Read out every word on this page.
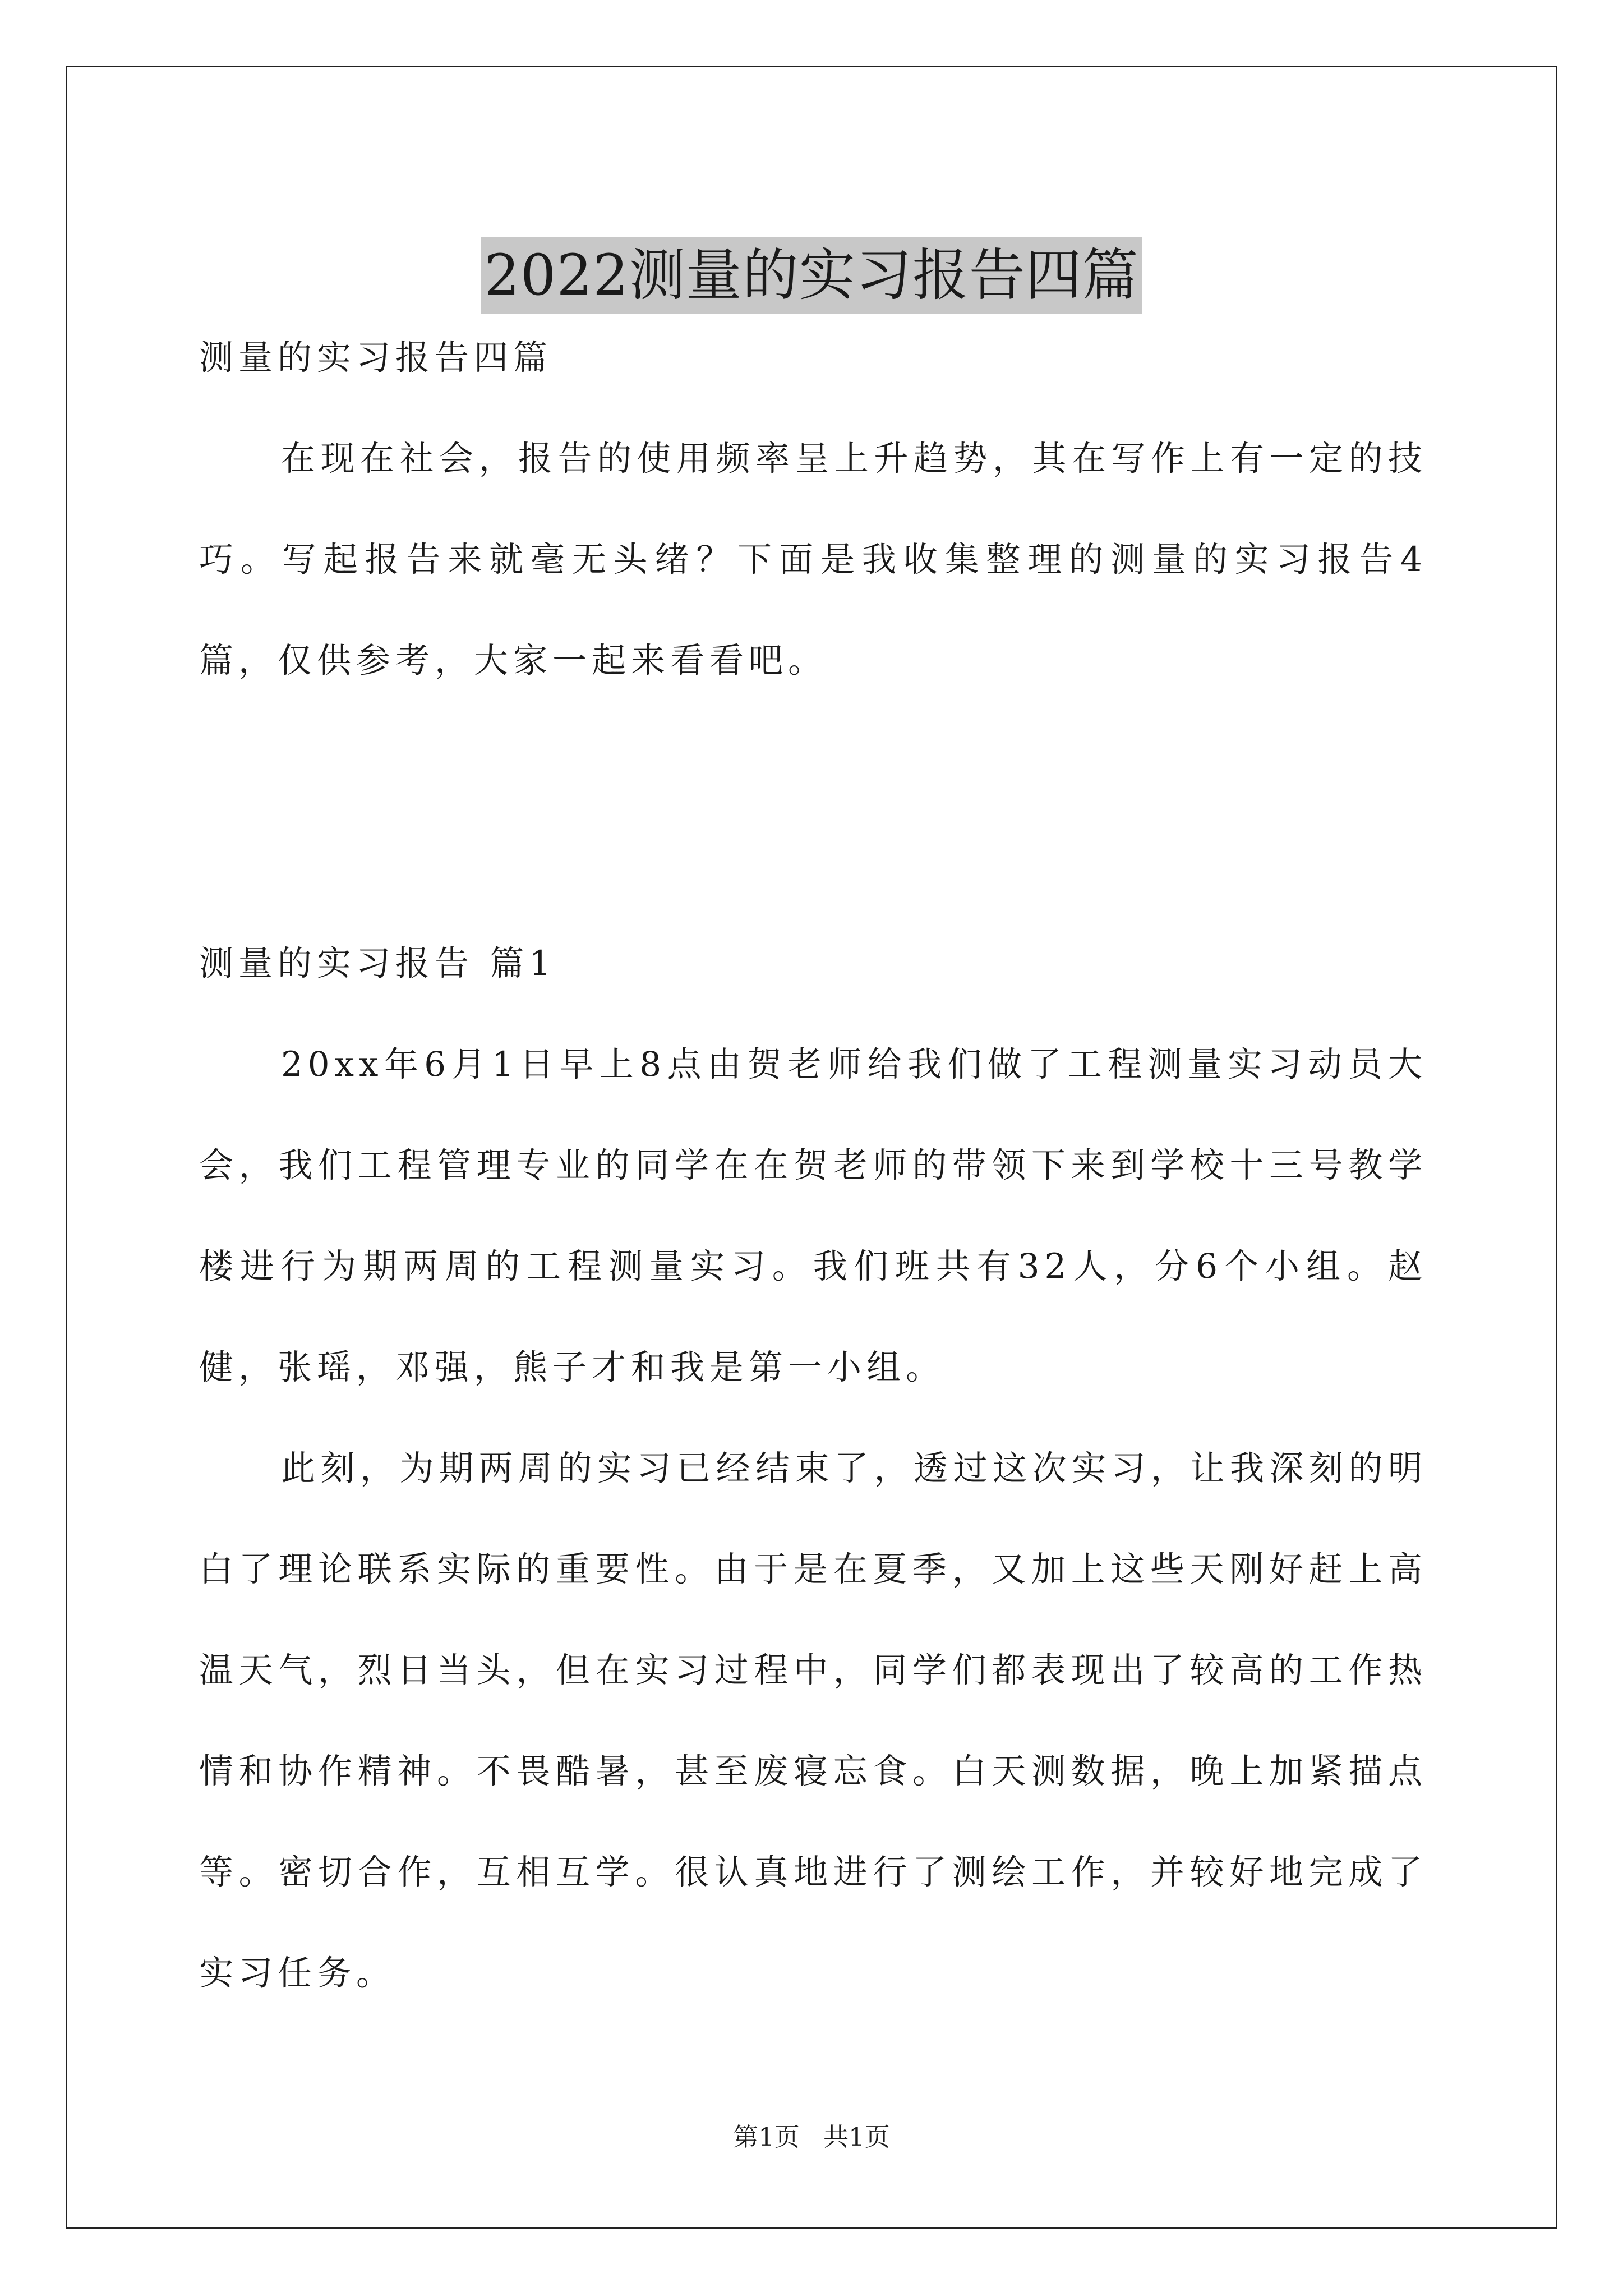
2022测量的实习报告四篇

测量的实习报告四篇

在现在社会，报告的使用频率呈上升趋势，其在写作上有一定的技巧。写起报告来就毫无头绪？下面是我收集整理的测量的实习报告4篇，仅供参考，大家一起来看看吧。

测量的实习报告 篇1

20xx年6月1日早上8点由贺老师给我们做了工程测量实习动员大会，我们工程管理专业的同学在在贺老师的带领下来到学校十三号教学楼进行为期两周的工程测量实习。我们班共有32人，分6个小组。赵健，张瑶，邓强，熊子才和我是第一小组。

此刻，为期两周的实习已经结束了，透过这次实习，让我深刻的明白了理论联系实际的重要性。由于是在夏季，又加上这些天刚好赶上高温天气，烈日当头，但在实习过程中，同学们都表现出了较高的工作热情和协作精神。不畏酷暑，甚至废寝忘食。白天测数据，晚上加紧描点等。密切合作，互相互学。很认真地进行了测绘工作，并较好地完成了实习任务。

第1页 共1页
